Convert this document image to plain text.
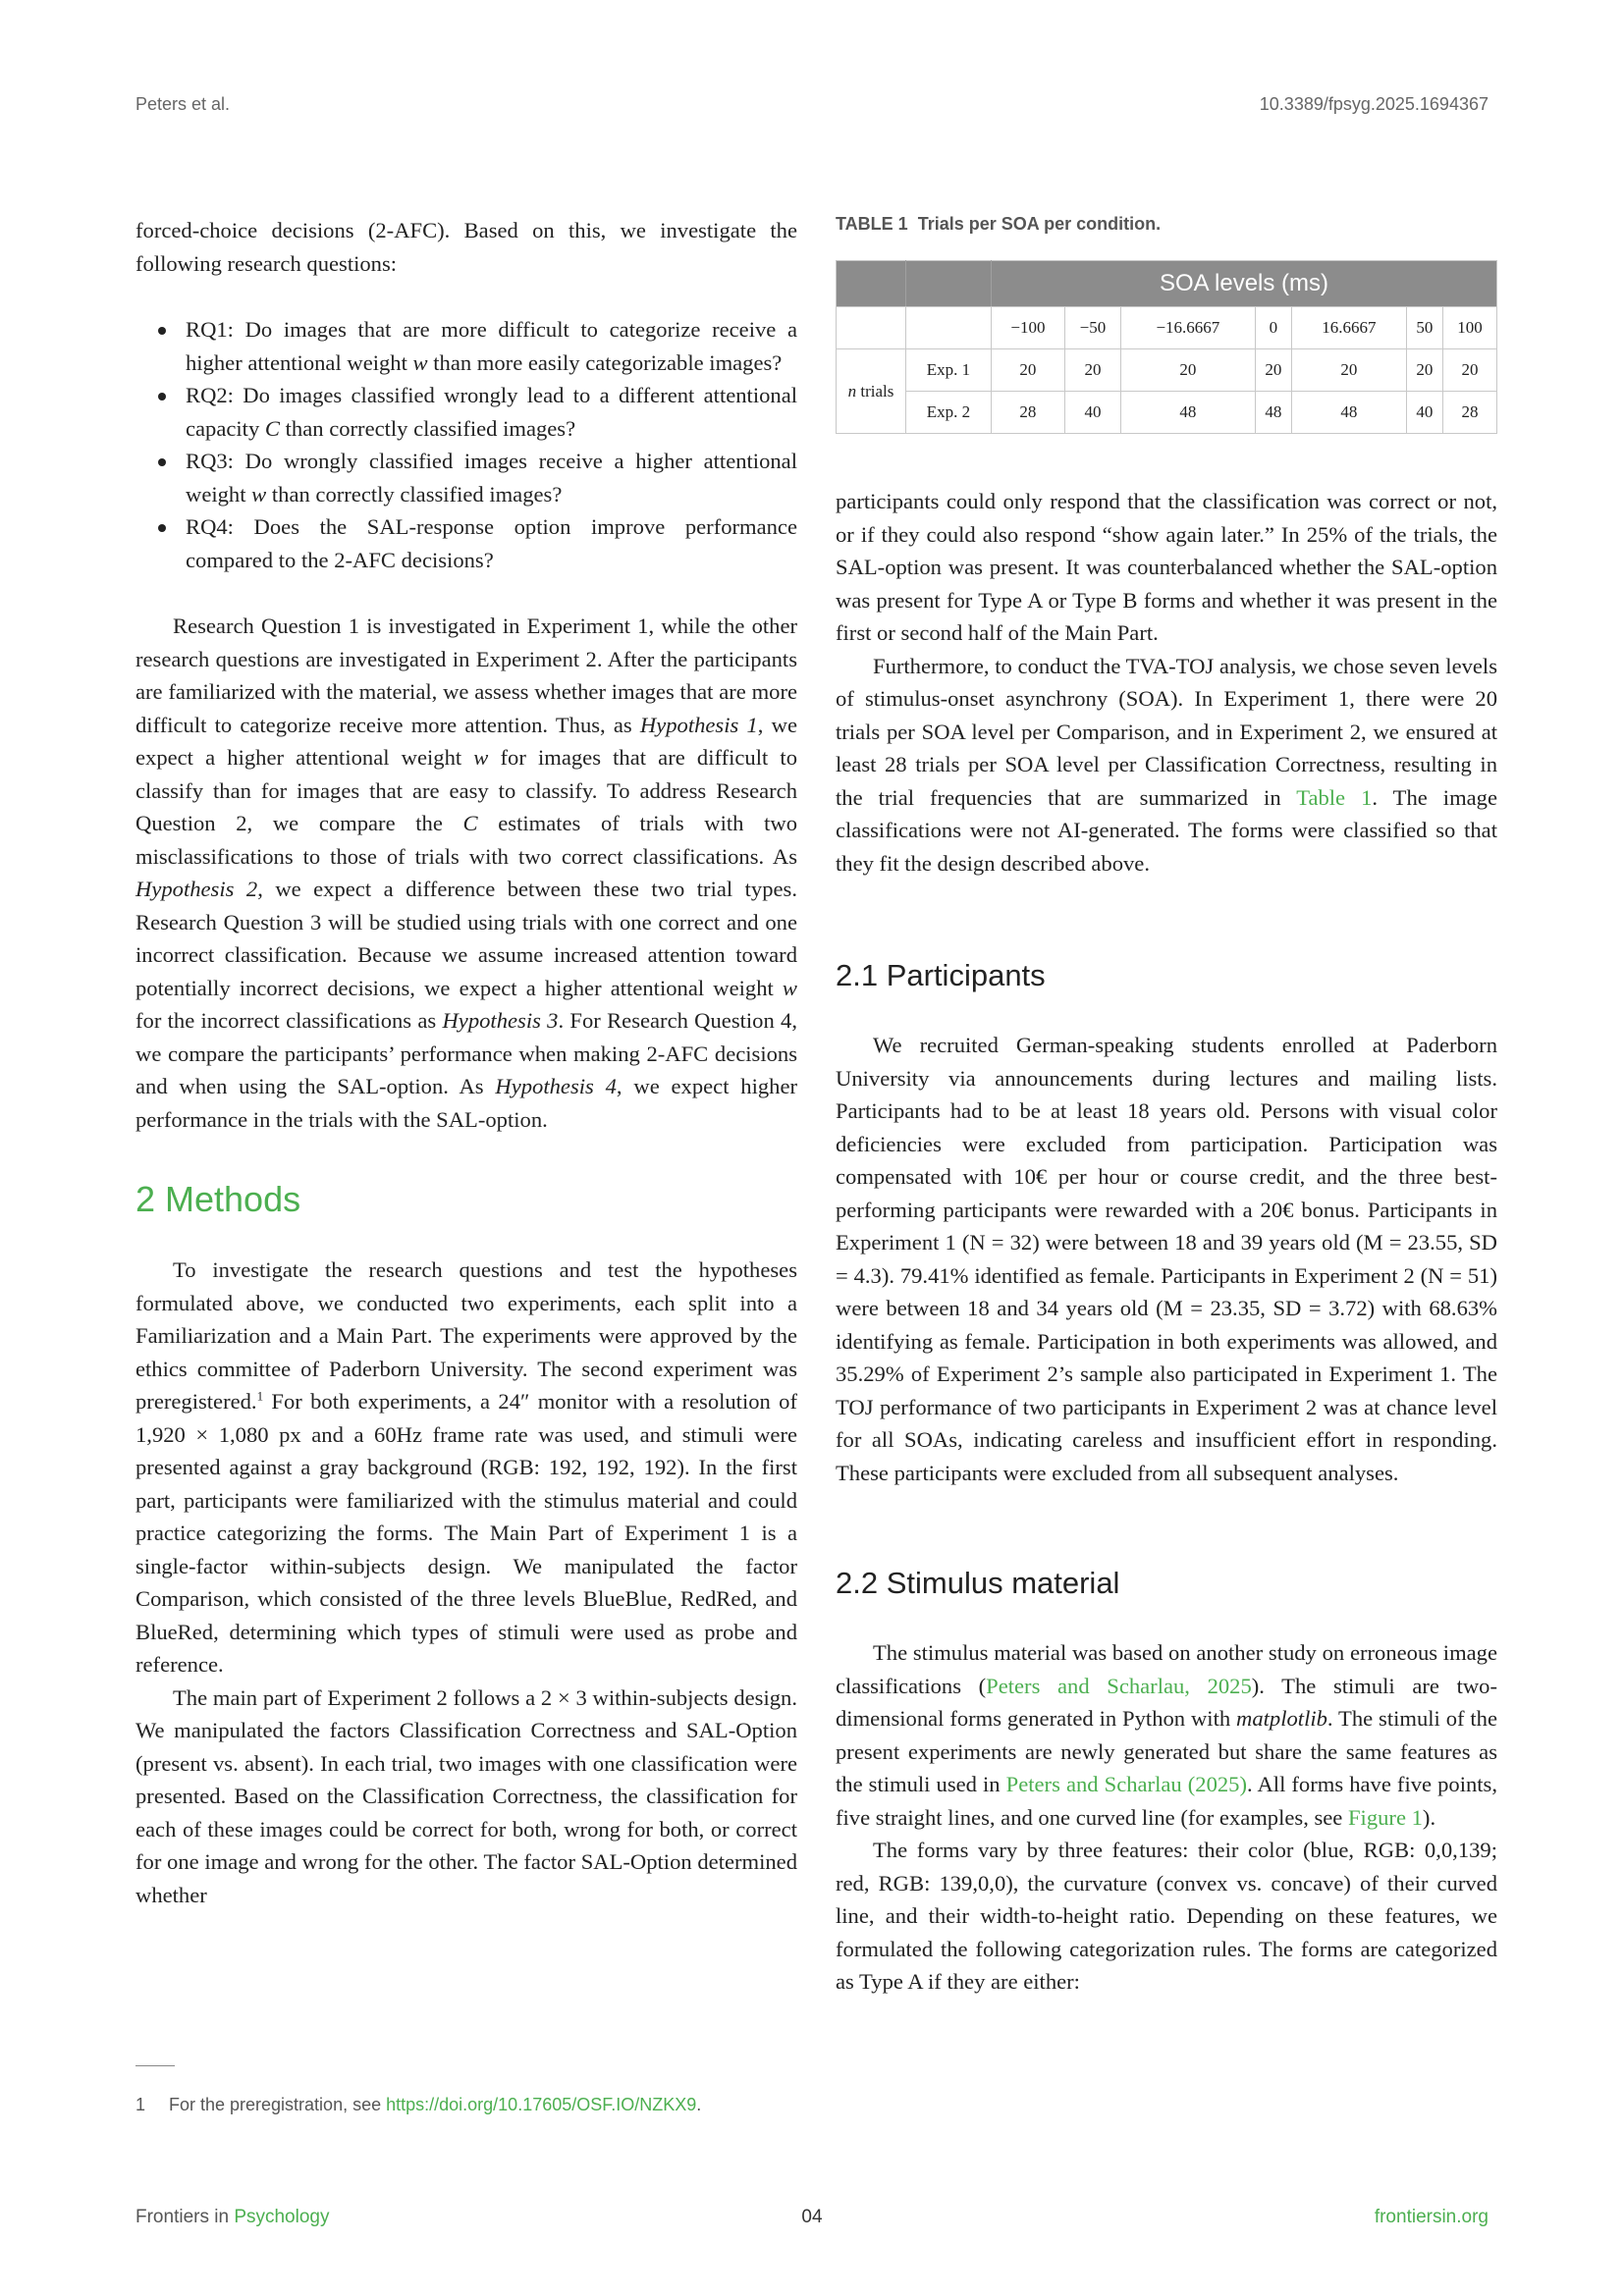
Peters et al.	10.3389/fpsyg.2025.1694367

forced-choice decisions (2-AFC). Based on this, we investigate the following research questions:

RQ1: Do images that are more difficult to categorize receive a higher attentional weight w than more easily categorizable images?
RQ2: Do images classified wrongly lead to a different attentional capacity C than correctly classified images?
RQ3: Do wrongly classified images receive a higher attentional weight w than correctly classified images?
RQ4: Does the SAL-response option improve performance compared to the 2-AFC decisions?

Research Question 1 is investigated in Experiment 1, while the other research questions are investigated in Experiment 2. After the participants are familiarized with the material, we assess whether images that are more difficult to categorize receive more attention. Thus, as Hypothesis 1, we expect a higher attentional weight w for images that are difficult to classify than for images that are easy to classify. To address Research Question 2, we compare the C estimates of trials with two misclassifications to those of trials with two correct classifications. As Hypothesis 2, we expect a difference between these two trial types. Research Question 3 will be studied using trials with one correct and one incorrect classification. Because we assume increased attention toward potentially incorrect decisions, we expect a higher attentional weight w for the incorrect classifications as Hypothesis 3. For Research Question 4, we compare the participants’ performance when making 2-AFC decisions and when using the SAL-option. As Hypothesis 4, we expect higher performance in the trials with the SAL-option.

2 Methods

To investigate the research questions and test the hypotheses formulated above, we conducted two experiments, each split into a Familiarization and a Main Part. The experiments were approved by the ethics committee of Paderborn University. The second experiment was preregistered.$^1$ For both experiments, a 24″ monitor with a resolution of 1,920 × 1,080 px and a 60Hz frame rate was used, and stimuli were presented against a gray background (RGB: 192, 192, 192). In the first part, participants were familiarized with the stimulus material and could practice categorizing the forms. The Main Part of Experiment 1 is a single-factor within-subjects design. We manipulated the factor Comparison, which consisted of the three levels BlueBlue, RedRed, and BlueRed, determining which types of stimuli were used as probe and reference.

The main part of Experiment 2 follows a 2 × 3 within-subjects design. We manipulated the factors Classification Correctness and SAL-Option (present vs. absent). In each trial, two images with one classification were presented. Based on the Classification Correctness, the classification for each of these images could be correct for both, wrong for both, or correct for one image and wrong for the other. The factor SAL-Option determined whether

1 For the preregistration, see https://doi.org/10.17605/OSF.IO/NZKX9.
TABLE 1 Trials per SOA per condition.
		SOA levels (ms)						
		−100	−50	−16.6667	0	16.6667	50	100
n trials	Exp. 1	20	20	20	20	20	20	20
	Exp. 2	28	40	48	48	48	40	28

participants could only respond that the classification was correct or not, or if they could also respond “show again later.” In 25% of the trials, the SAL-option was present. It was counterbalanced whether the SAL-option was present for Type A or Type B forms and whether it was present in the first or second half of the Main Part.

Furthermore, to conduct the TVA-TOJ analysis, we chose seven levels of stimulus-onset asynchrony (SOA). In Experiment 1, there were 20 trials per SOA level per Comparison, and in Experiment 2, we ensured at least 28 trials per SOA level per Classification Correctness, resulting in the trial frequencies that are summarized in Table 1. The image classifications were not AI-generated. The forms were classified so that they fit the design described above.

2.1 Participants

We recruited German-speaking students enrolled at Paderborn University via announcements during lectures and mailing lists. Participants had to be at least 18 years old. Persons with visual color deficiencies were excluded from participation. Participation was compensated with 10€ per hour or course credit, and the three best-performing participants were rewarded with a 20€ bonus. Participants in Experiment 1 (N = 32) were between 18 and 39 years old (M = 23.55, SD = 4.3). 79.41% identified as female. Participants in Experiment 2 (N = 51) were between 18 and 34 years old (M = 23.35, SD = 3.72) with 68.63% identifying as female. Participation in both experiments was allowed, and 35.29% of Experiment 2’s sample also participated in Experiment 1. The TOJ performance of two participants in Experiment 2 was at chance level for all SOAs, indicating careless and insufficient effort in responding. These participants were excluded from all subsequent analyses.

2.2 Stimulus material

The stimulus material was based on another study on erroneous image classifications (Peters and Scharlau, 2025). The stimuli are two-dimensional forms generated in Python with matplotlib. The stimuli of the present experiments are newly generated but share the same features as the stimuli used in Peters and Scharlau (2025). All forms have five points, five straight lines, and one curved line (for examples, see Figure 1).

The forms vary by three features: their color (blue, RGB: 0,0,139; red, RGB: 139,0,0), the curvature (convex vs. concave) of their curved line, and their width-to-height ratio. Depending on these features, we formulated the following categorization rules. The forms are categorized as Type A if they are either:

Frontiers in Psychology	04	frontiersin.org
